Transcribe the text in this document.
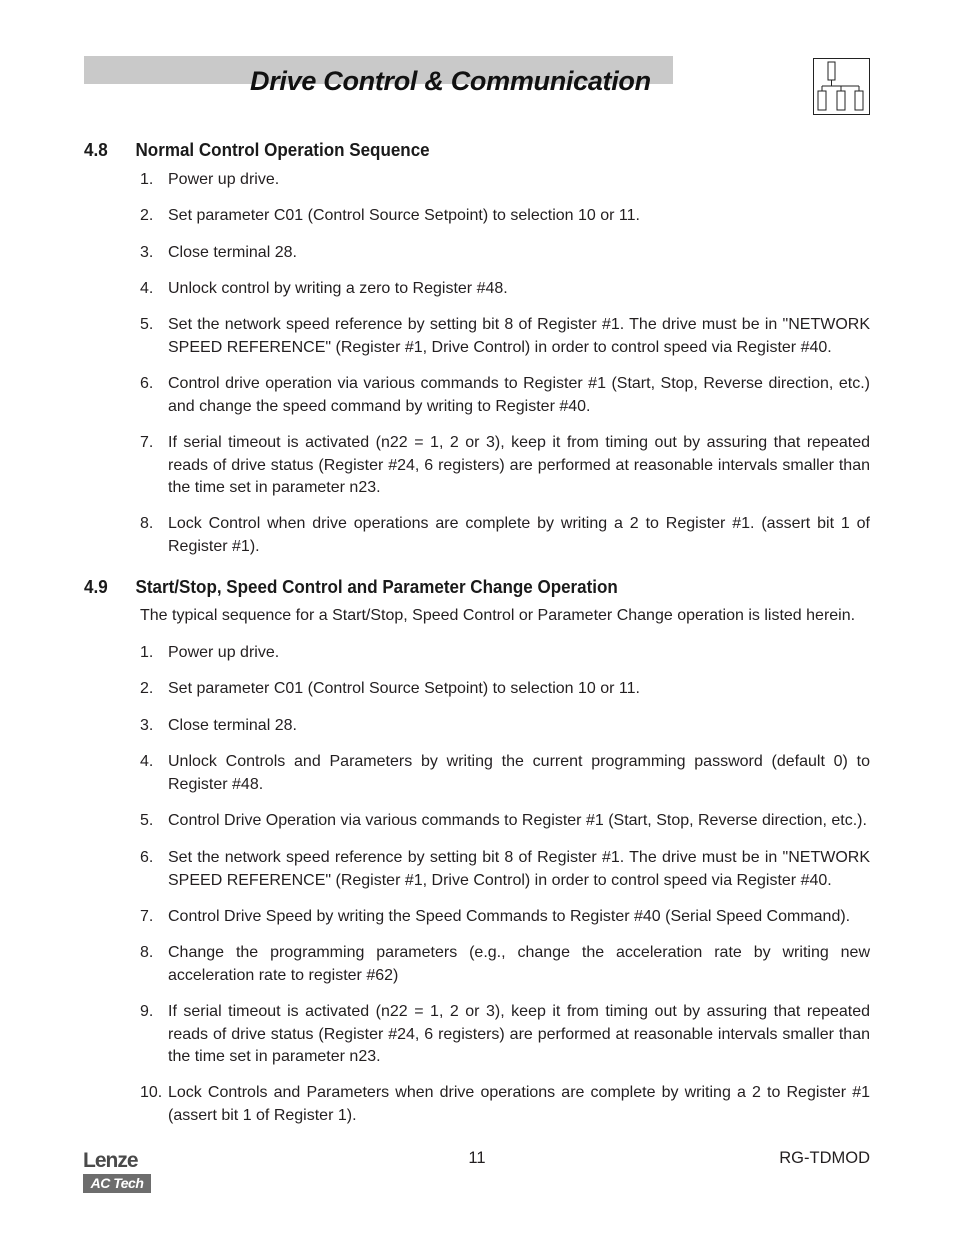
Drive Control & Communication
4.8 Normal Control Operation Sequence
1. Power up drive.
2. Set parameter C01 (Control Source Setpoint) to selection 10 or 11.
3. Close terminal 28.
4. Unlock control by writing a zero to Register #48.
5. Set the network speed reference by setting bit 8 of Register #1. The drive must be in "NETWORK SPEED REFERENCE" (Register #1, Drive Control) in order to control speed via Register #40.
6. Control drive operation via various commands to Register #1 (Start, Stop, Reverse direction, etc.) and change the speed command by writing to Register #40.
7. If serial timeout is activated (n22 = 1, 2 or 3), keep it from timing out by assuring that repeated reads of drive status (Register #24, 6 registers) are performed at reasonable intervals smaller than the time set in parameter n23.
8. Lock Control when drive operations are complete by writing a 2 to Register #1. (assert bit 1 of Register #1).
4.9 Start/Stop, Speed Control and Parameter Change Operation
The typical sequence for a Start/Stop, Speed Control or Parameter Change operation is listed herein.
1. Power up drive.
2. Set parameter C01 (Control Source Setpoint) to selection 10 or 11.
3. Close terminal 28.
4. Unlock Controls and Parameters by writing the current programming password (default 0) to Register #48.
5. Control Drive Operation via various commands to Register #1 (Start, Stop, Reverse direction, etc.).
6. Set the network speed reference by setting bit 8 of Register #1. The drive must be in "NETWORK SPEED REFERENCE" (Register #1, Drive Control) in order to control speed via Register #40.
7. Control Drive Speed by writing the Speed Commands to Register #40 (Serial Speed Command).
8. Change the programming parameters (e.g., change the acceleration rate by writing new acceleration rate to register #62)
9. If serial timeout is activated (n22 = 1, 2 or 3), keep it from timing out by assuring that repeated reads of drive status (Register #24, 6 registers) are performed at reasonable intervals smaller than the time set in parameter n23.
10. Lock Controls and Parameters when drive operations are complete by writing a 2 to Register #1 (assert bit 1 of Register 1).
Lenze
AC Tech
11	RG-TDMOD
